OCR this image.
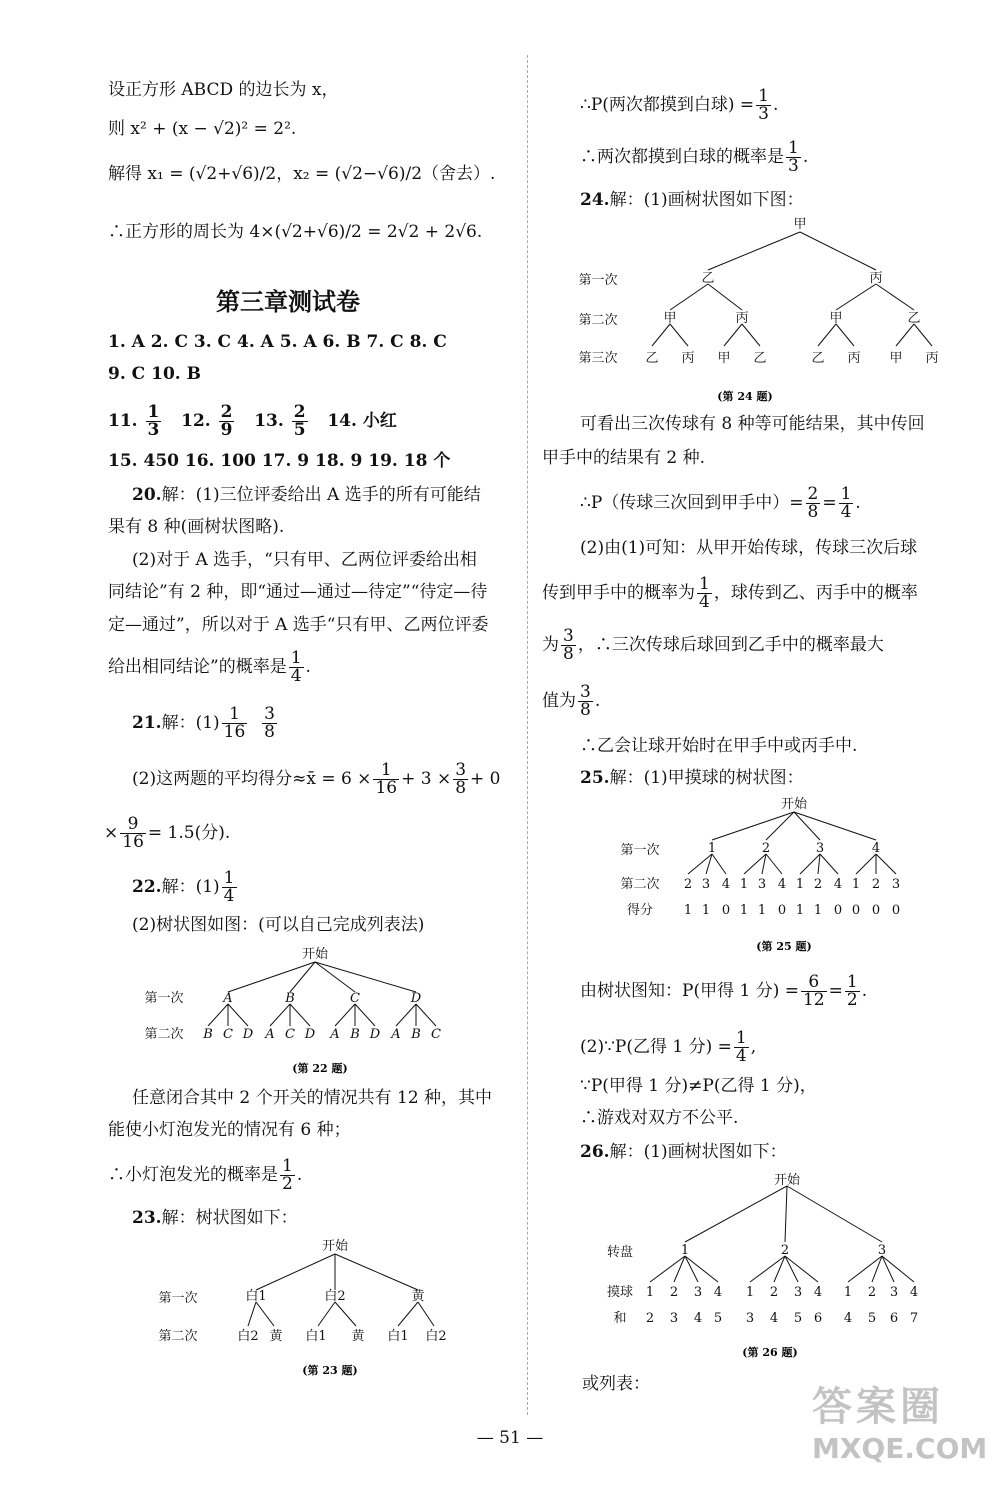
设正方形 ABCD 的边长为 x，
则 x² + (x − √2)² = 2².
解得 x₁ = (√2+√6)/2，x₂ = (√2−√6)/2（舍去）.
∴正方形的周长为 4×(√2+√6)/2 = 2√2 + 2√6.
第三章测试卷
1. A 2. C 3. C 4. A 5. A 6. B 7. C 8. C
9. C 10. B
11. $\frac{1}{3} 12$. $\frac{2}{9} 13$. $\frac{2}{5} 14$. 小红
15. 450 16. 100 17. 9 18. 9 19. 18 个
20.解：(1)三位评委给出 A 选手的所有可能结
果有 8 种(画树状图略).
(2)对于 A 选手，“只有甲、乙两位评委给出相
同结论”有 2 种，即“通过—通过—待定”“待定—待
定—通过”，所以对于 A 选手“只有甲、乙两位评委
给出相同结论”的概率是 $\frac{1}{4}$ .
21.解：$(1) \frac{1}{16}$
$\frac{3}{8}$
(2)这两题的平均得分≈x̄ = $6 \times \frac{1}{16} + 3 \times \frac{3}{8} + 0$
× $\frac{9}{16} = 1.5$(分).
22.解：$(1) \frac{1}{4}$
(2)树状图如图：(可以自己完成列表法)
开始
第一次
第二次
A	B	C	D
B C D A C D A B D A B C
(第 22 题)
任意闭合其中 2 个开关的情况共有 12 种，其中
能使小灯泡发光的情况有 6 种；
∴小灯泡发光的概率是 $\frac{1}{2}$ .
23.解：树状图如下：
开始
第一次
第二次
白1	白2	黄
白2 黄 白1 黄 白1 白2
(第 23 题)
∴P(两次都摸到白球) = $\frac{1}{3}$ .
∴两次都摸到白球的概率是 $\frac{1}{3}$ .
24.解：(1)画树状图如下图：
甲
第一次
第二次
第三次
乙	丙
甲	丙	甲	乙
乙 丙 甲 乙	乙 丙 甲 丙
(第 24 题)
可看出三次传球有 8 种等可能结果，其中传回
甲手中的结果有 2 种.
∴P（传球三次回到甲手中）= $\frac{2}{8} = \frac{1}{4}$ .
(2)由(1)可知：从甲开始传球，传球三次后球
传到甲手中的概率为 $\frac{1}{4}$ ，球传到乙、丙手中的概率
为 $\frac{3}{8}$ ，∴三次传球后球回到乙手中的概率最大
值为 $\frac{3}{8}$ .
∴乙会让球开始时在甲手中或丙手中.
25.解：(1)甲摸球的树状图：
开始
第一次
第二次
得分
1	2	3	4
2 3 4 1 3 4 1 2 4 1 2 3
1 1 0 1 1 0 1 1 0 0 0 0
(第 25 题)
由树状图知：P(甲得 1 分) = $\frac{6}{12} = \frac{1}{2}$ .
(2)∵P(乙得 1 分) = $\frac{1}{4}$ ,
∵P(甲得 1 分)≠P(乙得 1 分)，
∴游戏对双方不公平.
26.解：(1)画树状图如下：
开始
转盘
摸球
和
1	2	3
1 2 3 4 1 2 3 4 1 2 3 4
2 3 4 5 3 4 5 6 4 5 6 7
(第 26 题)
或列表：
— 51 —
答案圈
MXQE.COM
